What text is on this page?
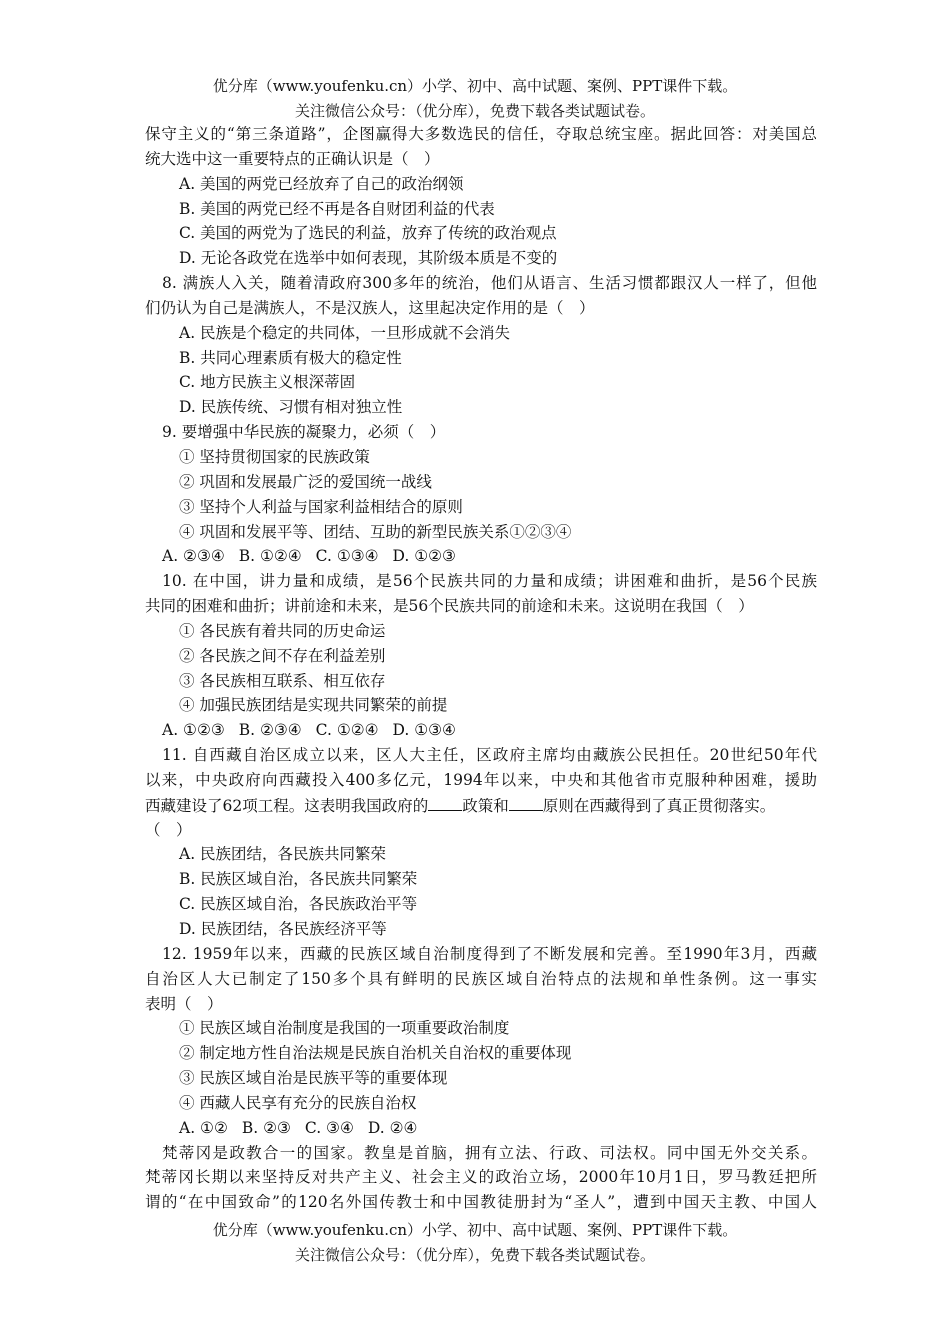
优分库（www.youfenku.cn）小学、初中、高中试题、案例、PPT课件下载。
关注微信公众号：（优分库），免费下载各类试题试卷。
保守主义的“第三条道路”，企图赢得大多数选民的信任，夺取总统宝座。据此回答：对美国总
统大选中这一重要特点的正确认识是（　）
A. 美国的两党已经放弃了自己的政治纲领
B. 美国的两党已经不再是各自财团利益的代表
C. 美国的两党为了选民的利益，放弃了传统的政治观点
D. 无论各政党在选举中如何表现，其阶级本质是不变的
8. 满族人入关，随着清政府300多年的统治，他们从语言、生活习惯都跟汉人一样了，但他
们仍认为自己是满族人，不是汉族人，这里起决定作用的是（　）
A. 民族是个稳定的共同体，一旦形成就不会消失
B. 共同心理素质有极大的稳定性
C. 地方民族主义根深蒂固
D. 民族传统、习惯有相对独立性
9. 要增强中华民族的凝聚力，必须（　）
① 坚持贯彻国家的民族政策
② 巩固和发展最广泛的爱国统一战线
③ 坚持个人利益与国家利益相结合的原则
④ 巩固和发展平等、团结、互助的新型民族关系①②③④
A. ②③④ B. ①②④ C. ①③④ D. ①②③
10. 在中国，讲力量和成绩，是56个民族共同的力量和成绩；讲困难和曲折，是56个民族
共同的困难和曲折；讲前途和未来，是56个民族共同的前途和未来。这说明在我国（　）
① 各民族有着共同的历史命运
② 各民族之间不存在利益差别
③ 各民族相互联系、相互依存
④ 加强民族团结是实现共同繁荣的前提
A. ①②③ B. ②③④ C. ①②④ D. ①③④
11. 自西藏自治区成立以来，区人大主任，区政府主席均由藏族公民担任。20世纪50年代
以来，中央政府向西藏投入400多亿元，1994年以来，中央和其他省市克服种种困难，援助
西藏建设了62项工程。这表明我国政府的 政策和 原则在西藏得到了真正贯彻落实。
（　）
A. 民族团结，各民族共同繁荣
B. 民族区域自治，各民族共同繁荣
C. 民族区域自治，各民族政治平等
D. 民族团结，各民族经济平等
12. 1959年以来，西藏的民族区域自治制度得到了不断发展和完善。至1990年3月，西藏
自治区人大已制定了150多个具有鲜明的民族区域自治特点的法规和单性条例。这一事实
表明（　）
① 民族区域自治制度是我国的一项重要政治制度
② 制定地方性自治法规是民族自治机关自治权的重要体现
③ 民族区域自治是民族平等的重要体现
④ 西藏人民享有充分的民族自治权
A. ①② B. ②③ C. ③④ D. ②④
梵蒂冈是政教合一的国家。教皇是首脑，拥有立法、行政、司法权。同中国无外交关系。
梵蒂冈长期以来坚持反对共产主义、社会主义的政治立场，2000年10月1日，罗马教廷把所
谓的“在中国致命”的120名外国传教士和中国教徒册封为“圣人”，遭到中国天主教、中国人
优分库（www.youfenku.cn）小学、初中、高中试题、案例、PPT课件下载。
关注微信公众号：（优分库），免费下载各类试题试卷。
